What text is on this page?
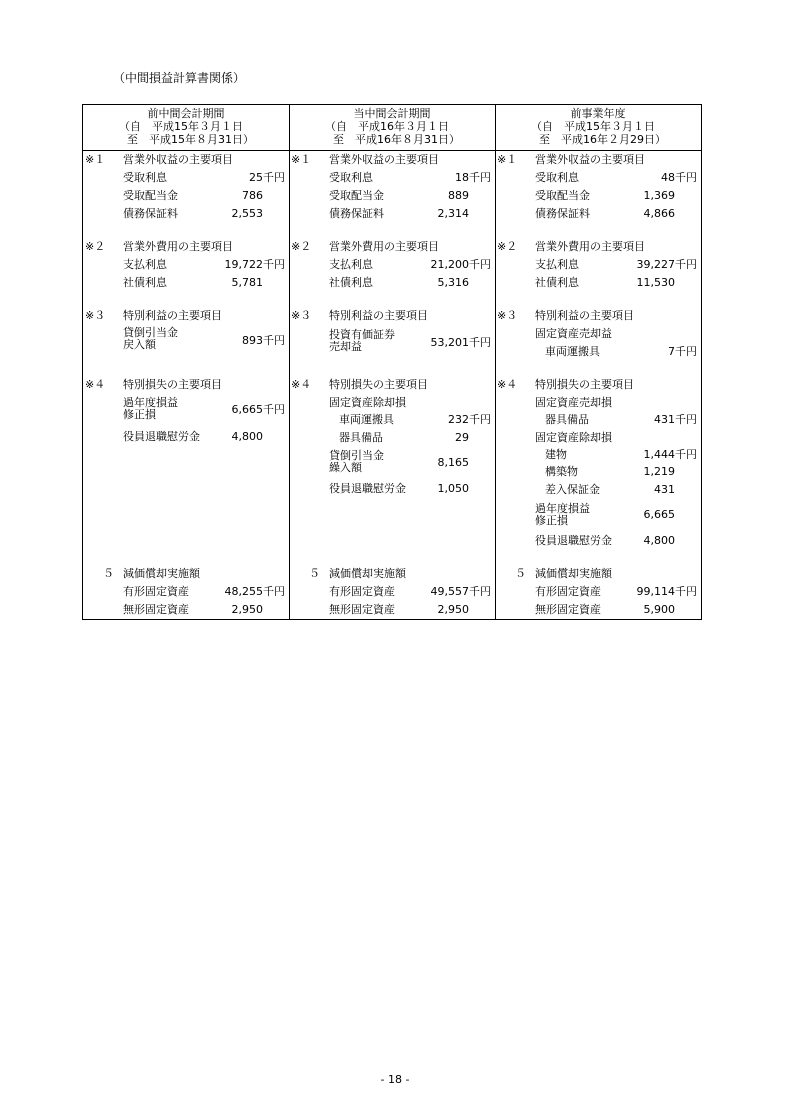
（中間損益計算書関係）
前中間会計期間
（自　平成15年３月１日
至　平成15年８月31日）
※１ 営業外収益の主要項目
受取利息	25千円
受取配当金	786
債務保証料	2,553
※２ 営業外費用の主要項目
支払利息	19,722千円
社債利息	5,781
※３ 特別利益の主要項目
貸倒引当金
戻入額	893千円
※４ 特別損失の主要項目
過年度損益
修正損	6,665千円
役員退職慰労金	4,800
５ 減価償却実施額
有形固定資産	48,255千円
無形固定資産	2,950
当中間会計期間
（自　平成16年３月１日
至　平成16年８月31日）
※１ 営業外収益の主要項目
受取利息	18千円
受取配当金	889
債務保証料	2,314
※２ 営業外費用の主要項目
支払利息	21,200千円
社債利息	5,316
※３ 特別利益の主要項目
投資有価証券
売却益	53,201千円
※４ 特別損失の主要項目
固定資産除却損
車両運搬具	232千円
器具備品	29
貸倒引当金
繰入額	8,165
役員退職慰労金	1,050
５ 減価償却実施額
有形固定資産	49,557千円
無形固定資産	2,950
前事業年度
（自　平成15年３月１日
至　平成16年２月29日）
※１ 営業外収益の主要項目
受取利息	48千円
受取配当金	1,369
債務保証料	4,866
※２ 営業外費用の主要項目
支払利息	39,227千円
社債利息	11,530
※３ 特別利益の主要項目
固定資産売却益
車両運搬具	7千円
※４ 特別損失の主要項目
固定資産売却損
器具備品	431千円
固定資産除却損
建物	1,444千円
構築物	1,219
差入保証金	431
過年度損益
修正損	6,665
役員退職慰労金	4,800
５ 減価償却実施額
有形固定資産	99,114千円
無形固定資産	5,900
- 18 -
